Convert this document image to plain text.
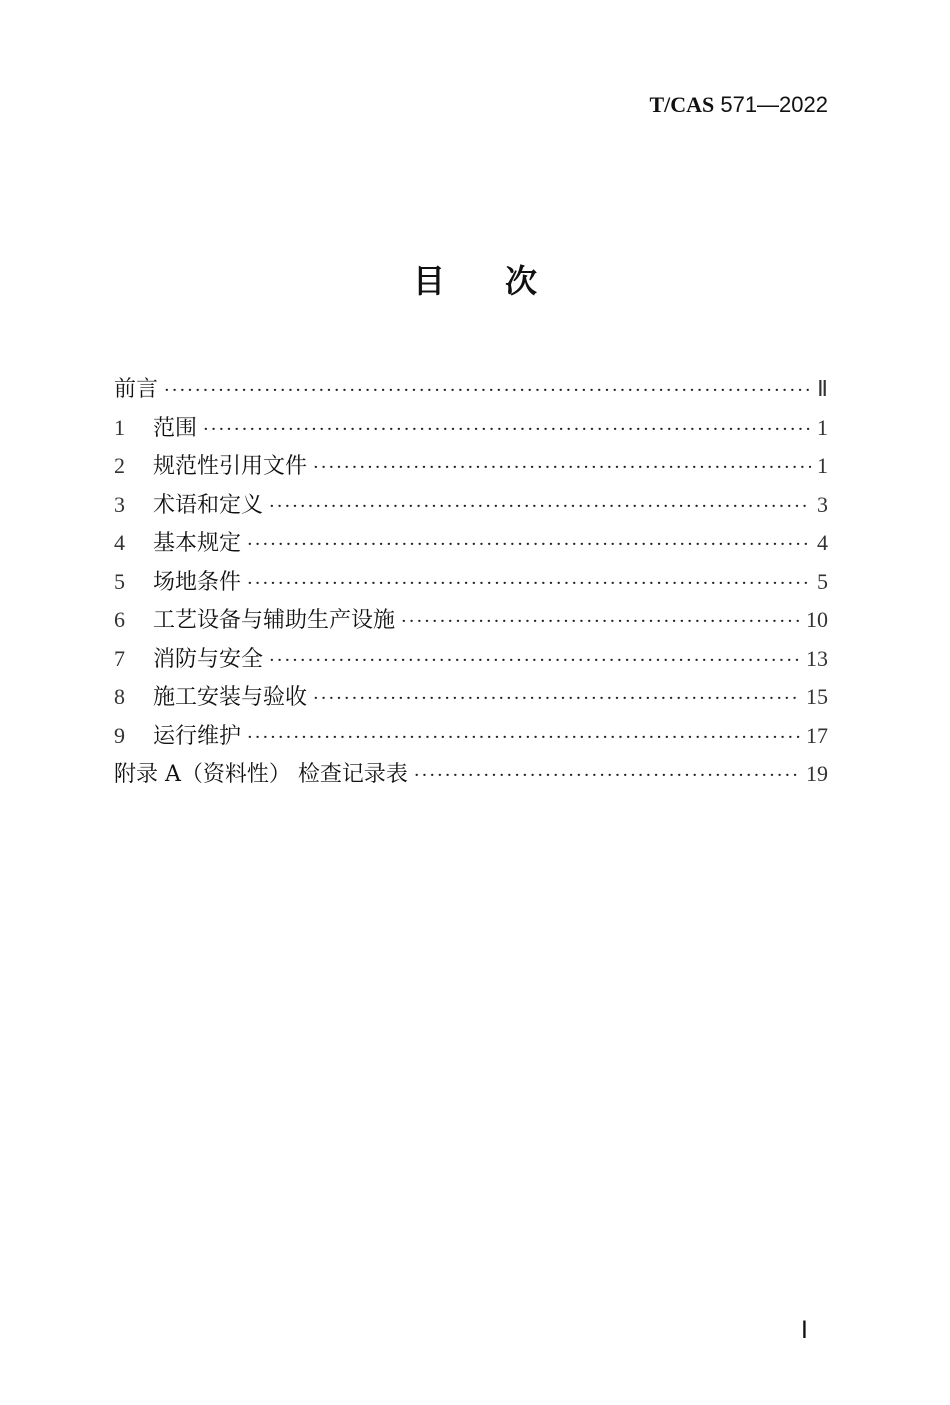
T/CAS 571—2022
目次
前言 ·····	Ⅱ
1	范围 ·····	1
2	规范性引用文件 ·····	1
3	术语和定义 ·····	3
4	基本规定 ·····	4
5	场地条件 ·····	5
6	工艺设备与辅助生产设施 ·····	10
7	消防与安全 ·····	13
8	施工安装与验收 ·····	15
9	运行维护 ·····	17
附录 A（资料性） 检查记录表 ·····	19
Ⅰ
